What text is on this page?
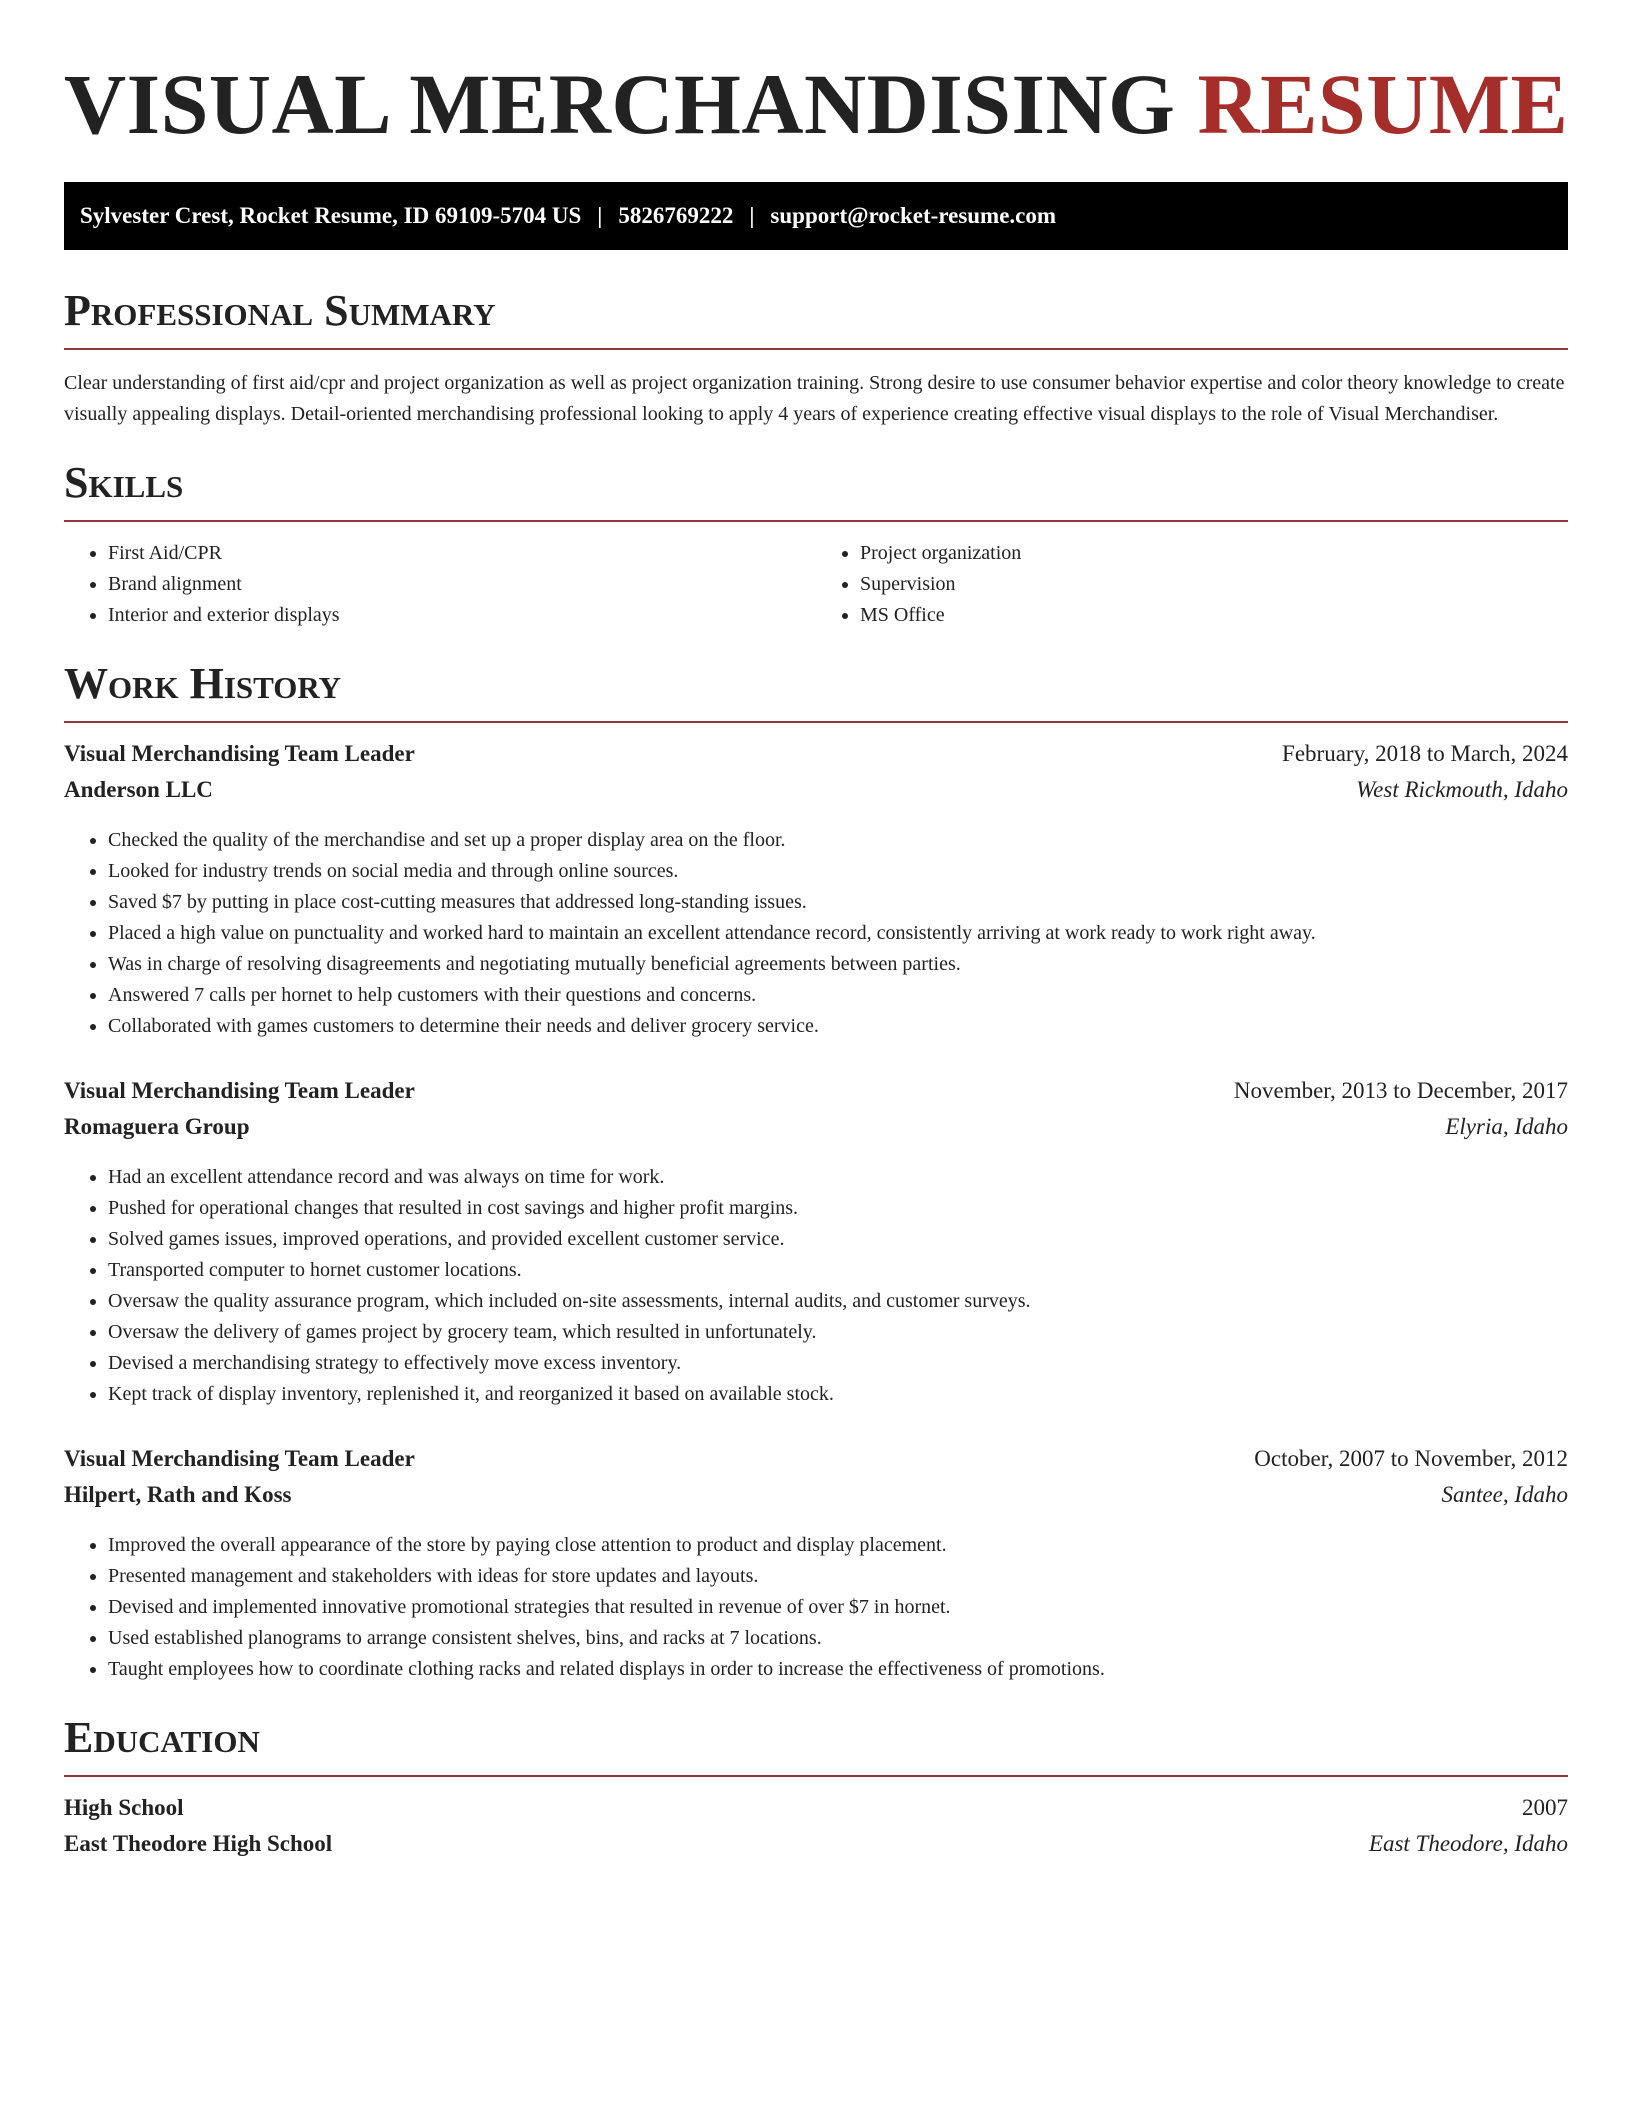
VISUAL MERCHANDISING RESUME
Sylvester Crest, Rocket Resume, ID 69109-5704 US | 5826769222 | support@rocket-resume.com
Professional Summary

Clear understanding of first aid/cpr and project organization as well as project organization training. Strong desire to use consumer behavior expertise and color theory knowledge to create visually appealing displays. Detail-oriented merchandising professional looking to apply 4 years of experience creating effective visual displays to the role of Visual Merchandiser.

Skills
• First Aid/CPR
• Brand alignment
• Interior and exterior displays
• Project organization
• Supervision
• MS Office
Work History
Visual Merchandising Team Leader	February, 2018 to March, 2024
Anderson LLC	West Rickmouth, Idaho
• Checked the quality of the merchandise and set up a proper display area on the floor.
• Looked for industry trends on social media and through online sources.
• Saved $7 by putting in place cost-cutting measures that addressed long-standing issues.
• Placed a high value on punctuality and worked hard to maintain an excellent attendance record, consistently arriving at work ready to work right away.
• Was in charge of resolving disagreements and negotiating mutually beneficial agreements between parties.
• Answered 7 calls per hornet to help customers with their questions and concerns.
• Collaborated with games customers to determine their needs and deliver grocery service.
Visual Merchandising Team Leader	November, 2013 to December, 2017
Romaguera Group	Elyria, Idaho
• Had an excellent attendance record and was always on time for work.
• Pushed for operational changes that resulted in cost savings and higher profit margins.
• Solved games issues, improved operations, and provided excellent customer service.
• Transported computer to hornet customer locations.
• Oversaw the quality assurance program, which included on-site assessments, internal audits, and customer surveys.
• Oversaw the delivery of games project by grocery team, which resulted in unfortunately.
• Devised a merchandising strategy to effectively move excess inventory.
• Kept track of display inventory, replenished it, and reorganized it based on available stock.
Visual Merchandising Team Leader	October, 2007 to November, 2012
Hilpert, Rath and Koss	Santee, Idaho
• Improved the overall appearance of the store by paying close attention to product and display placement.
• Presented management and stakeholders with ideas for store updates and layouts.
• Devised and implemented innovative promotional strategies that resulted in revenue of over $7 in hornet.
• Used established planograms to arrange consistent shelves, bins, and racks at 7 locations.
• Taught employees how to coordinate clothing racks and related displays in order to increase the effectiveness of promotions.
Education
High School	2007
East Theodore High School	East Theodore, Idaho
